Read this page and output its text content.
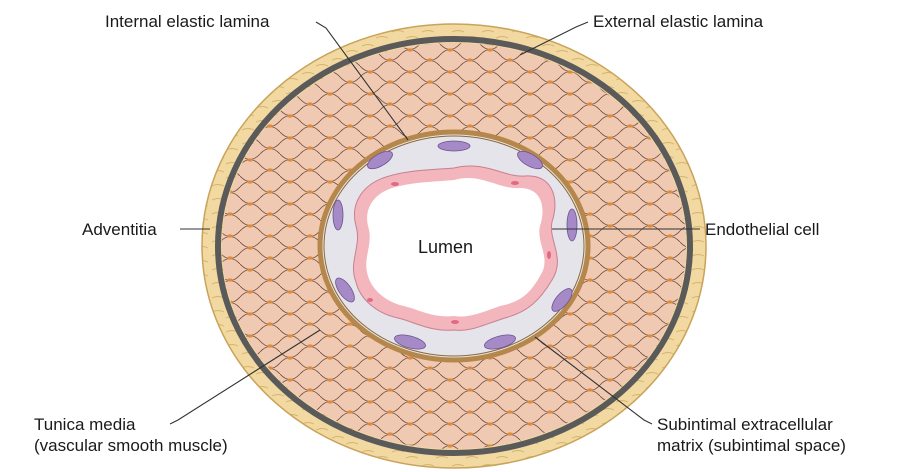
Internal elastic lamina	External elastic lamina
Adventitia	Endothelial cell
Lumen
Tunica media
(vascular smooth muscle)
Subintimal extracellular
matrix (subintimal space)
